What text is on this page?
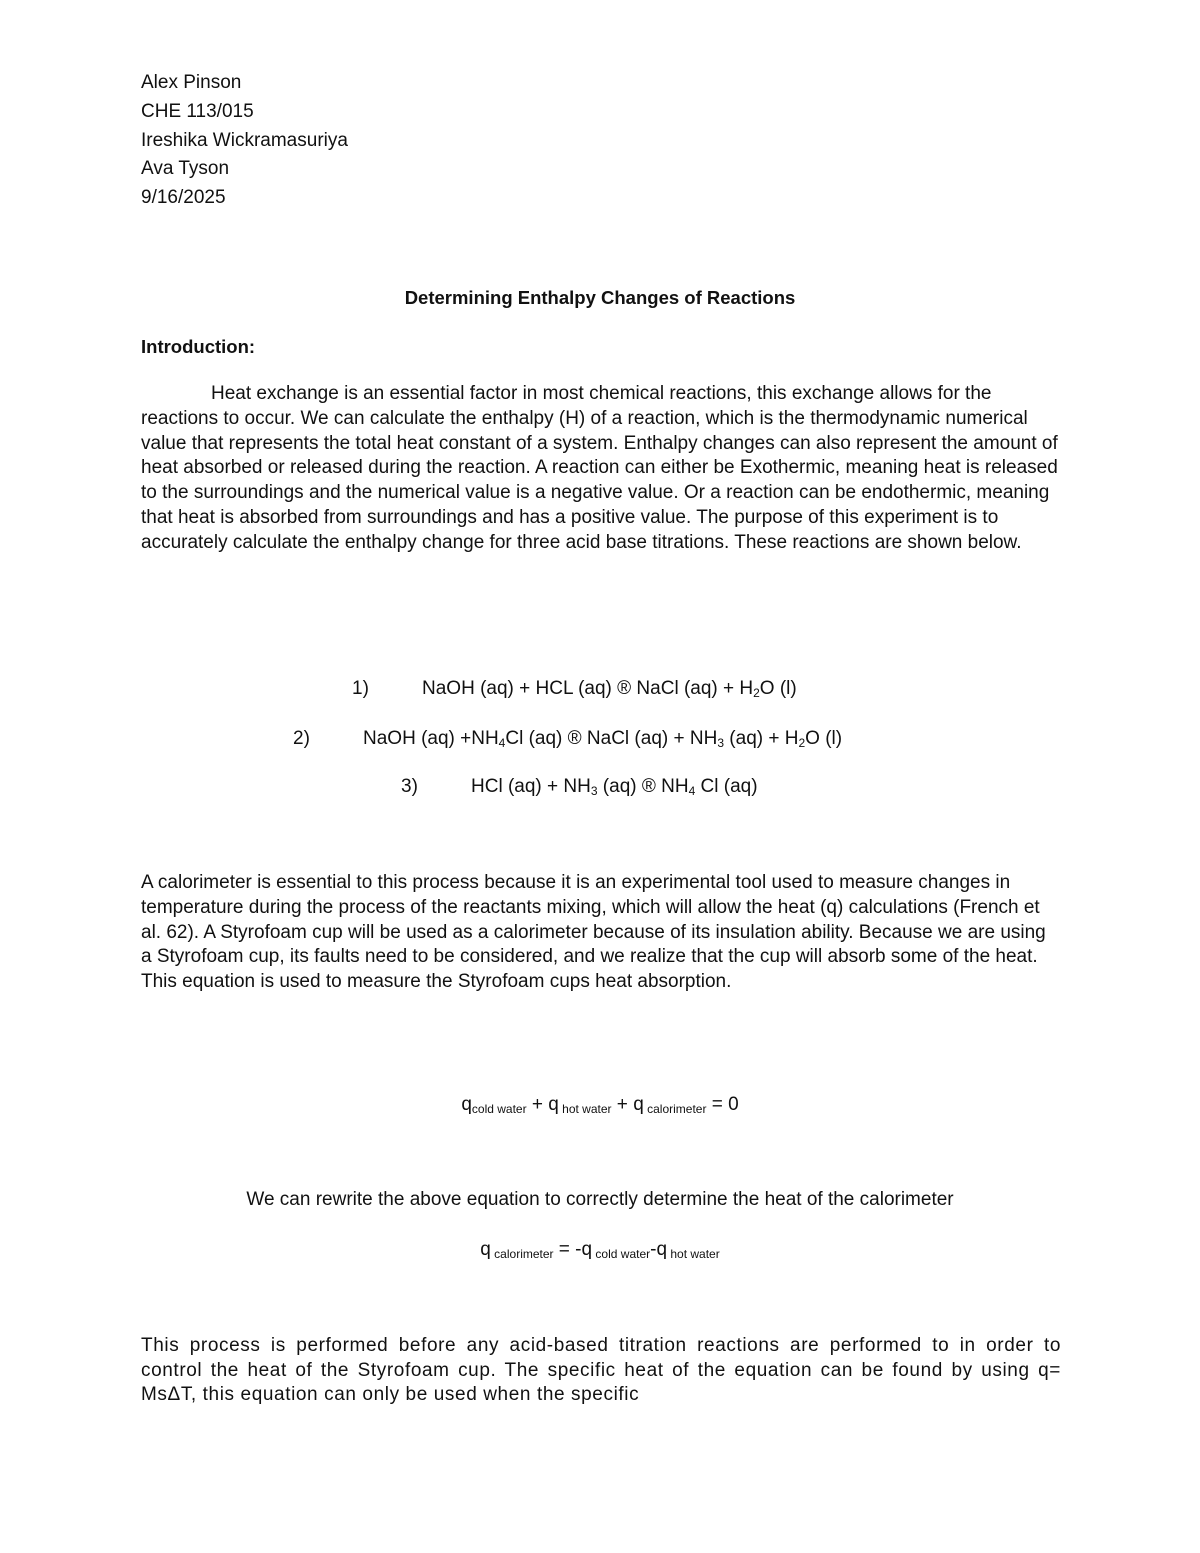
Alex Pinson
CHE 113/015
Ireshika Wickramasuriya
Ava Tyson
9/16/2025
Determining Enthalpy Changes of Reactions
Introduction:

Heat exchange is an essential factor in most chemical reactions, this exchange allows for the reactions to occur. We can calculate the enthalpy (H) of a reaction, which is the thermodynamic numerical value that represents the total heat constant of a system. Enthalpy changes can also represent the amount of heat absorbed or released during the reaction. A reaction can either be Exothermic, meaning heat is released to the surroundings and the numerical value is a negative value. Or a reaction can be endothermic, meaning that heat is absorbed from surroundings and has a positive value. The purpose of this experiment is to accurately calculate the enthalpy change for three acid base titrations. These reactions are shown below.

1)	NaOH (aq) + HCL (aq) ® NaCl $(aq) + H_2O$ (l)
2)	NaOH $(aq) +NH_4Cl$ (aq) ® NaCl $(aq) + NH_3$ $(aq) + H_2O$ (l)
3)	HCl $(aq) + NH_3$ (aq) ® $NH_4$ Cl (aq)

A calorimeter is essential to this process because it is an experimental tool used to measure changes in temperature during the process of the reactants mixing, which will allow the heat (q) calculations (French et al. 62). A Styrofoam cup will be used as a calorimeter because of its insulation ability. Because we are using a Styrofoam cup, its faults need to be considered, and we realize that the cup will absorb some of the heat. This equation is used to measure the Styrofoam cups heat absorption.

qcold water + q hot water + q calorimeter = 0
We can rewrite the above equation to correctly determine the heat of the calorimeter
q calorimeter = -q cold water-q hot water
This process is performed before any acid-based titration reactions are performed to in order to control the heat of the Styrofoam cup. The specific heat of the equation can be found by using q= MsΔT, this equation can only be used when the specific
